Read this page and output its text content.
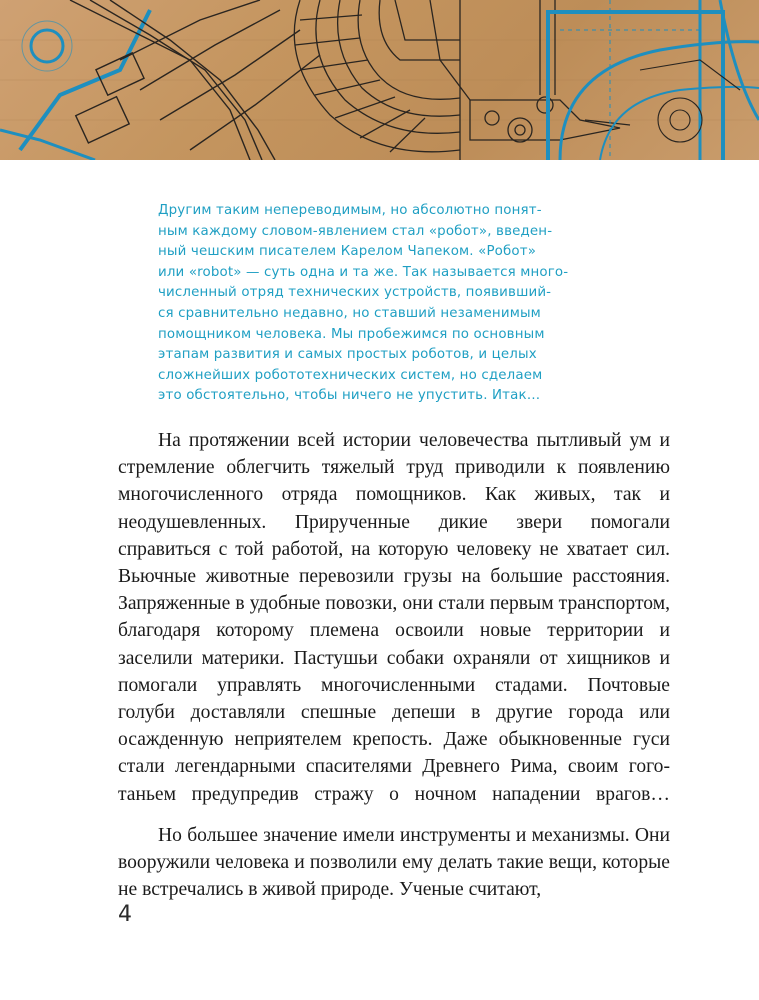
Другим таким непереводимым, но абсолютно понят-
ным каждому словом-явлением стал «робот», введен-
ный чешским писателем Карелом Чапеком. «Робот»
или «robot» — суть одна и та же. Так называется много-
численный отряд технических устройств, появивший-
ся сравнительно недавно, но ставший незаменимым
помощником человека. Мы пробежимся по основным
этапам развития и самых простых роботов, и целых
сложнейших робототехнических систем, но сделаем
это обстоятельно, чтобы ничего не упустить. Итак…

На протяжении всей истории человечества пытливый ум и стремление облегчить тяжелый труд приводили к появлению многочисленного отряда помощников. Как живых, так и неодушевленных. Прирученные дикие звери помогали справиться с той работой, на которую человеку не хватает сил. Вьючные животные перевозили грузы на большие расстояния. Запряженные в удобные повозки, они стали первым транспортом, благодаря которому племена освоили новые территории и заселили материки. Пастушьи собаки охраняли от хищников и помогали управлять многочисленными стадами. Почтовые голуби доставляли спешные депеши в другие города или осажденную неприятелем крепость. Даже обыкновенные гуси стали легендарными спасителями Древнего Рима, своим гоготаньем предупредив стражу о ночном нападении врагов…

Но большее значение имели инструменты и механизмы. Они вооружили человека и позволили ему делать такие вещи, которые не встречались в живой природе. Ученые считают,

4
